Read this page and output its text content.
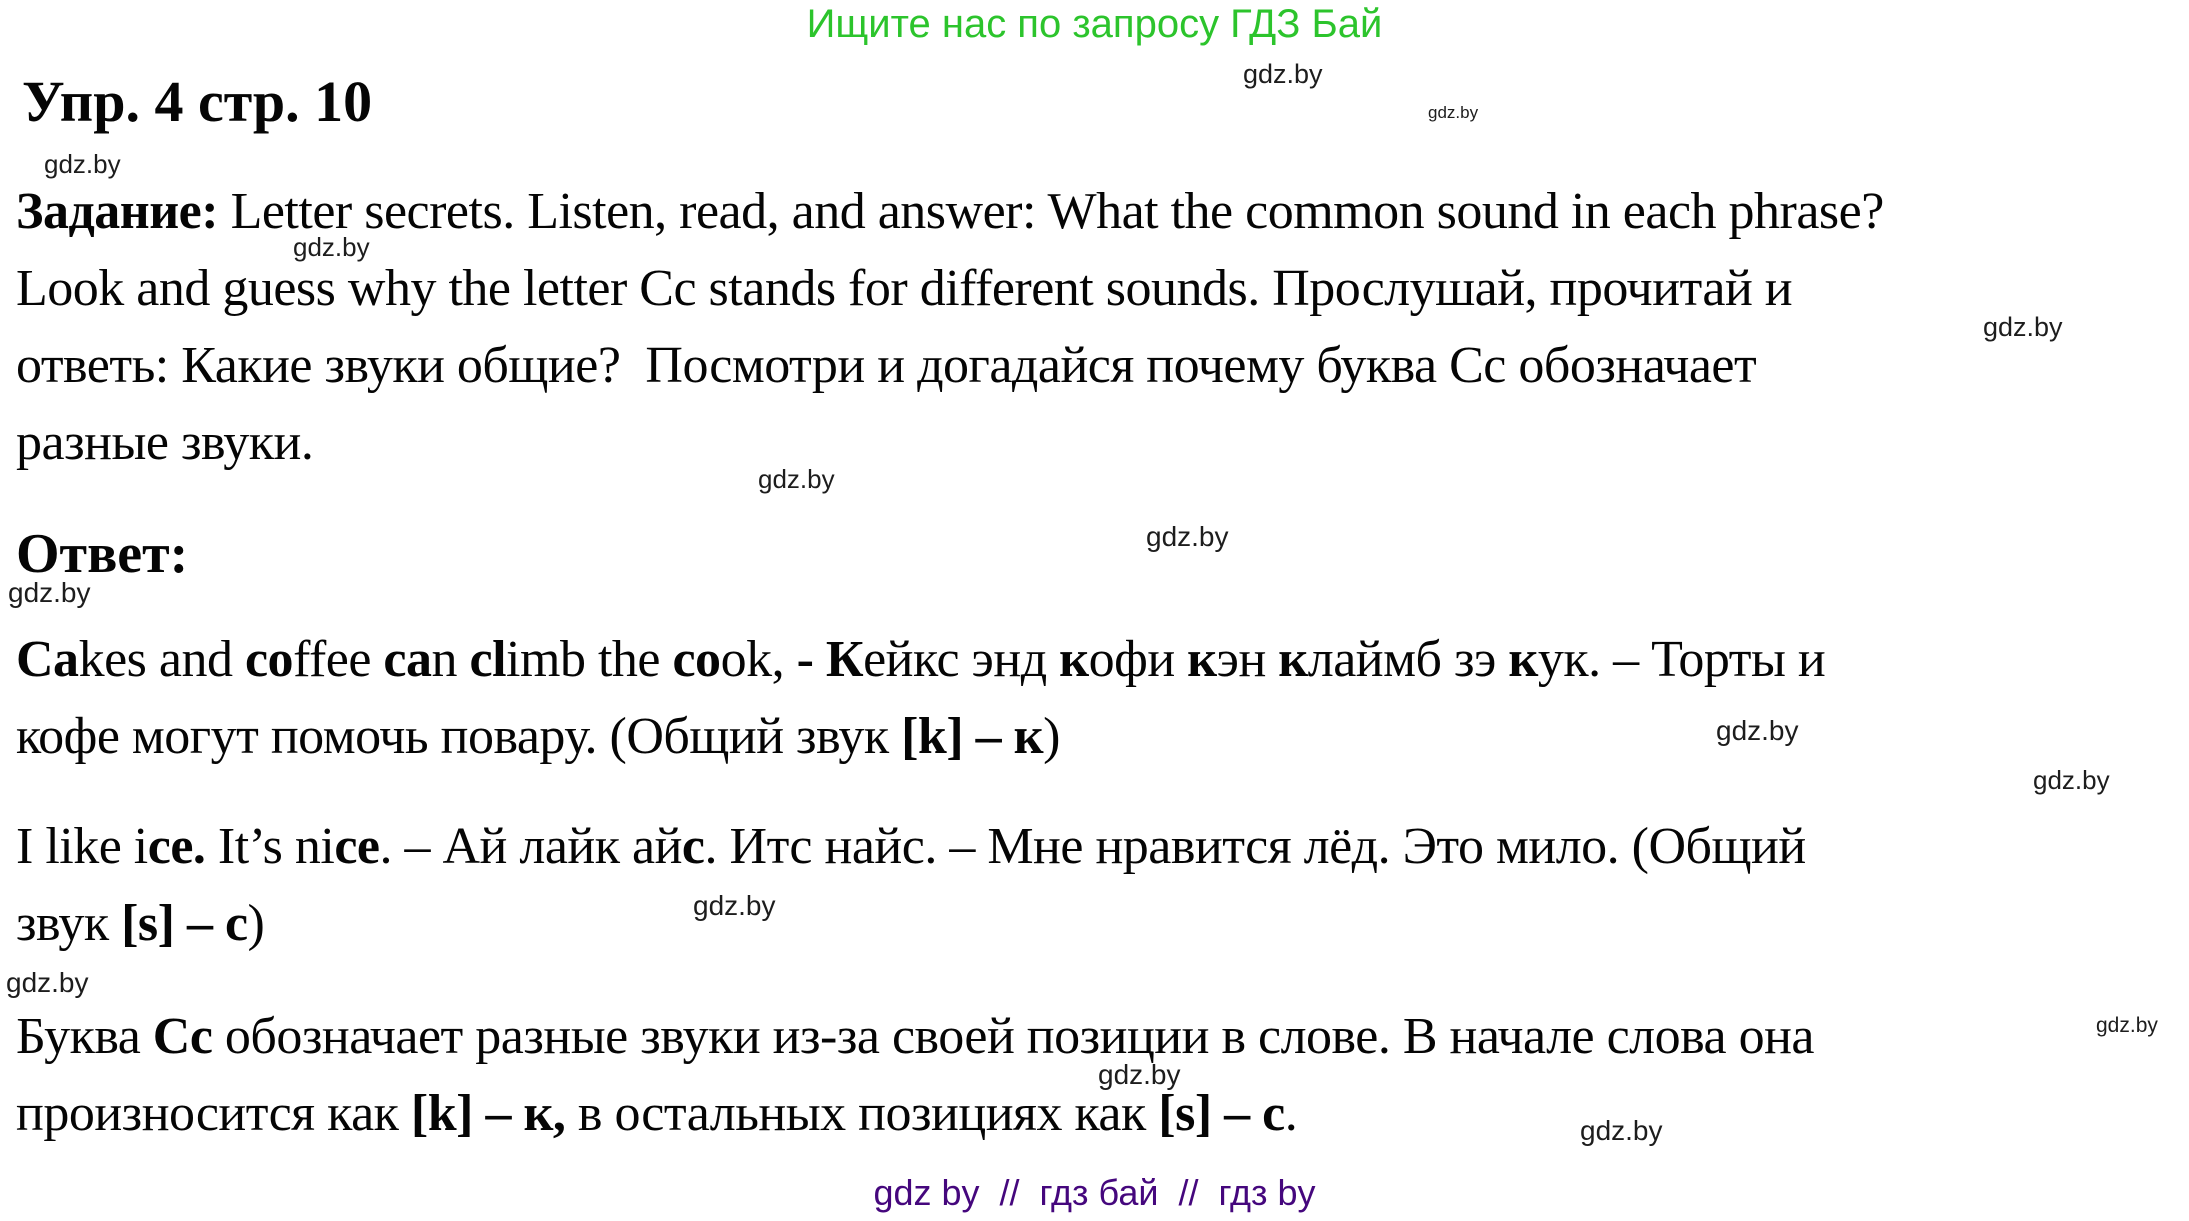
Ищите нас по запросу ГДЗ Бай
Упр. 4 стр. 10
Задание: Letter secrets. Listen, read, and answer: What the common sound in each phrase?
Look and guess why the letter Cc stands for different sounds. Прослушай, прочитай и
ответь: Какие звуки общие?  Посмотри и догадайся почему буква Cc обозначает
разные звуки.
Ответ:
Cakes and coffee can climb the cook, - Кейкс энд кофи кэн клаймб зэ кук. – Торты и
кофе могут помочь повару. (Общий звук [k] – к)
I like ice. It’s nice. – Ай лайк айс. Итс найс. – Мне нравится лёд. Это мило. (Общий
звук [s] – c)
Буква Cc обозначает разные звуки из-за своей позиции в слове. В начале слова она
произносится как [k] – к, в остальных позициях как [s] – c.
gdz.by
gdz.by
gdz.by
gdz.by
gdz.by
gdz.by
gdz.by
gdz.by
gdz.by
gdz.by
gdz.by
gdz.by
gdz.by
gdz.by
gdz.by
gdz by  //  гдз бай  //  гдз by
